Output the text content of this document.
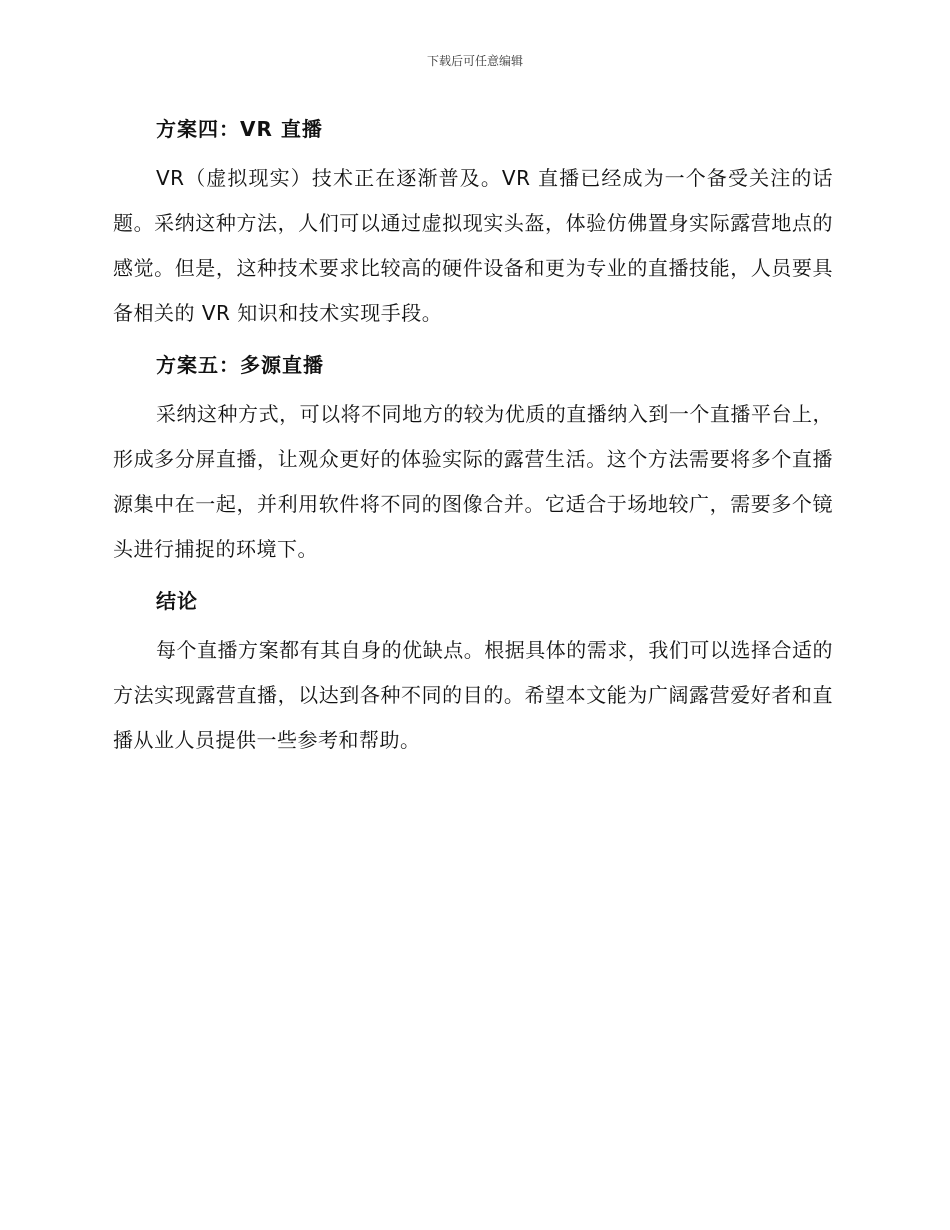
下载后可任意编辑
方案四：VR 直播

VR（虚拟现实）技术正在逐渐普及。VR 直播已经成为一个备受关注的话题。采纳这种方法，人们可以通过虚拟现实头盔，体验仿佛置身实际露营地点的感觉。但是，这种技术要求比较高的硬件设备和更为专业的直播技能，人员要具备相关的 VR 知识和技术实现手段。

方案五：多源直播

采纳这种方式，可以将不同地方的较为优质的直播纳入到一个直播平台上，形成多分屏直播，让观众更好的体验实际的露营生活。这个方法需要将多个直播源集中在一起，并利用软件将不同的图像合并。它适合于场地较广，需要多个镜头进行捕捉的环境下。

结论

每个直播方案都有其自身的优缺点。根据具体的需求，我们可以选择合适的方法实现露营直播，以达到各种不同的目的。希望本文能为广阔露营爱好者和直播从业人员提供一些参考和帮助。
